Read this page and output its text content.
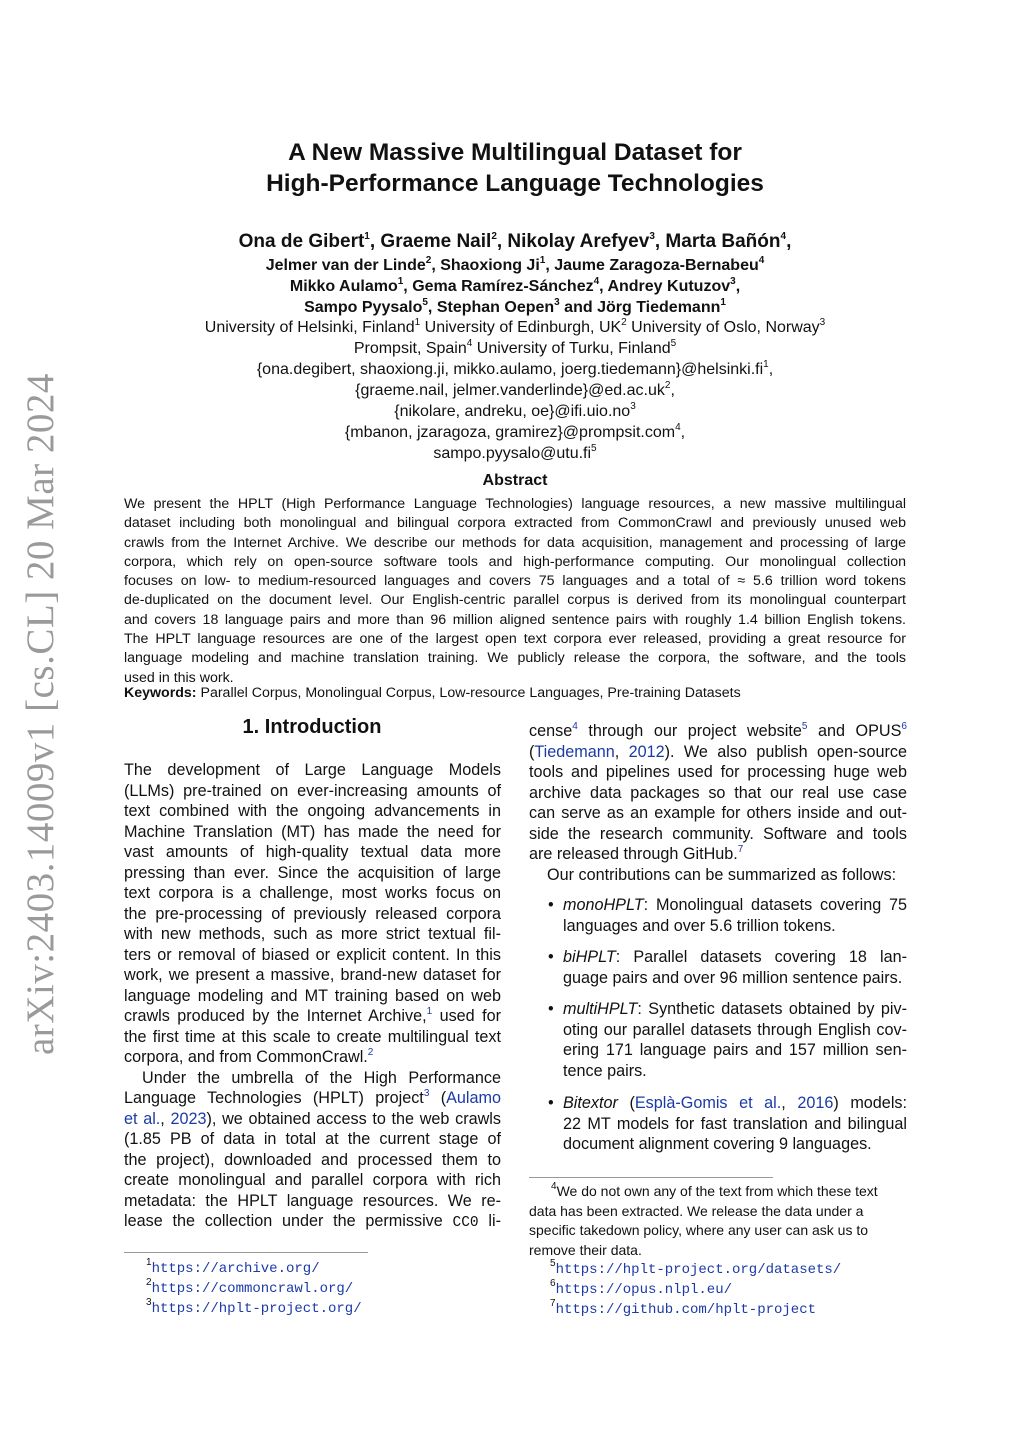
arXiv:2403.14009v1 [cs.CL] 20 Mar 2024
A New Massive Multilingual Dataset for
High-Performance Language Technologies
Ona de Gibert$^1$, Graeme Nail$^2$, Nikolay Arefyev$^3$, Marta Bañón$^4$,
Jelmer van der Linde$^2$, Shaoxiong Ji$^1$, Jaume Zaragoza-Bernabeu$^4$
Mikko Aulamo$^1$, Gema Ramírez-Sánchez$^4$, Andrey Kutuzov$^3$,
Sampo Pyysalo$^5$, Stephan Oepen$^3$ and Jörg Tiedemann$^1$
University of Helsinki, Finland$^1$ University of Edinburgh, $UK^2$ University of Oslo, Norway$^3$
Prompsit, Spain$^4$ University of Turku, Finland$^5$
{ona.degibert, shaoxiong.ji, mikko.aulamo, $joerg.tiedemann\}@helsinki.fi^1$,
{graeme.nail, $jelmer.vanderlinde\}@ed.ac.uk^2$,
{nikolare, andreku, $oe\}@ifi.uio.no^3$
{mbanon, jzaragoza, gramirez}@prompsit.com$^4$,
$sampo.pyysalo@utu.fi^5$
Abstract
We present the HPLT (High Performance Language Technologies) language resources, a new massive multilingual
dataset including both monolingual and bilingual corpora extracted from CommonCrawl and previously unused web
crawls from the Internet Archive. We describe our methods for data acquisition, management and processing of large
corpora, which rely on open-source software tools and high-performance computing. Our monolingual collection
focuses on low- to medium-resourced languages and covers 75 languages and a total of ≈ 5.6 trillion word tokens
de-duplicated on the document level. Our English-centric parallel corpus is derived from its monolingual counterpart
and covers 18 language pairs and more than 96 million aligned sentence pairs with roughly 1.4 billion English tokens.
The HPLT language resources are one of the largest open text corpora ever released, providing a great resource for
language modeling and machine translation training. We publicly release the corpora, the software, and the tools
used in this work.
Keywords: Parallel Corpus, Monolingual Corpus, Low-resource Languages, Pre-training Datasets
1. Introduction
The development of Large Language Models
(LLMs) pre-trained on ever-increasing amounts of
text combined with the ongoing advancements in
Machine Translation (MT) has made the need for
vast amounts of high-quality textual data more
pressing than ever. Since the acquisition of large
text corpora is a challenge, most works focus on
the pre-processing of previously released corpora
with new methods, such as more strict textual fil-
ters or removal of biased or explicit content. In this
work, we present a massive, brand-new dataset for
language modeling and MT training based on web
crawls produced by the Internet Archive,$^1$ used for
the first time at this scale to create multilingual text
corpora, and from CommonCrawl.$^2$
Under the umbrella of the High Performance
Language Technologies (HPLT) project$^3$ (Aulamo
et al., 2023), we obtained access to the web crawls
(1.85 PB of data in total at the current stage of
the project), downloaded and processed them to
create monolingual and parallel corpora with rich
metadata: the HPLT language resources. We re-
lease the collection under the permissive CC0 li-
$^1$https://archive.org/
$^2$https://commoncrawl.org/
$^3$https://hplt-project.org/
cense$^4$ through our project website$^5$ and OPUS$^6$
(Tiedemann, 2012). We also publish open-source
tools and pipelines used for processing huge web
archive data packages so that our real use case
can serve as an example for others inside and out-
side the research community. Software and tools
are released through GitHub.$^7$
Our contributions can be summarized as follows:
• monoHPLT: Monolingual datasets covering 75
languages and over 5.6 trillion tokens.
• biHPLT: Parallel datasets covering 18 lan-
guage pairs and over 96 million sentence pairs.
• multiHPLT: Synthetic datasets obtained by piv-
oting our parallel datasets through English cov-
ering 171 language pairs and 157 million sen-
tence pairs.
• Bitextor (Esplà-Gomis et al., 2016) models:
22 MT models for fast translation and bilingual
document alignment covering 9 languages.
$^4$We do not own any of the text from which these text
data has been extracted. We release the data under a
specific takedown policy, where any user can ask us to
remove their data.
$^5$https://hplt-project.org/datasets/
$^6$https://opus.nlpl.eu/
$^7$https://github.com/hplt-project
